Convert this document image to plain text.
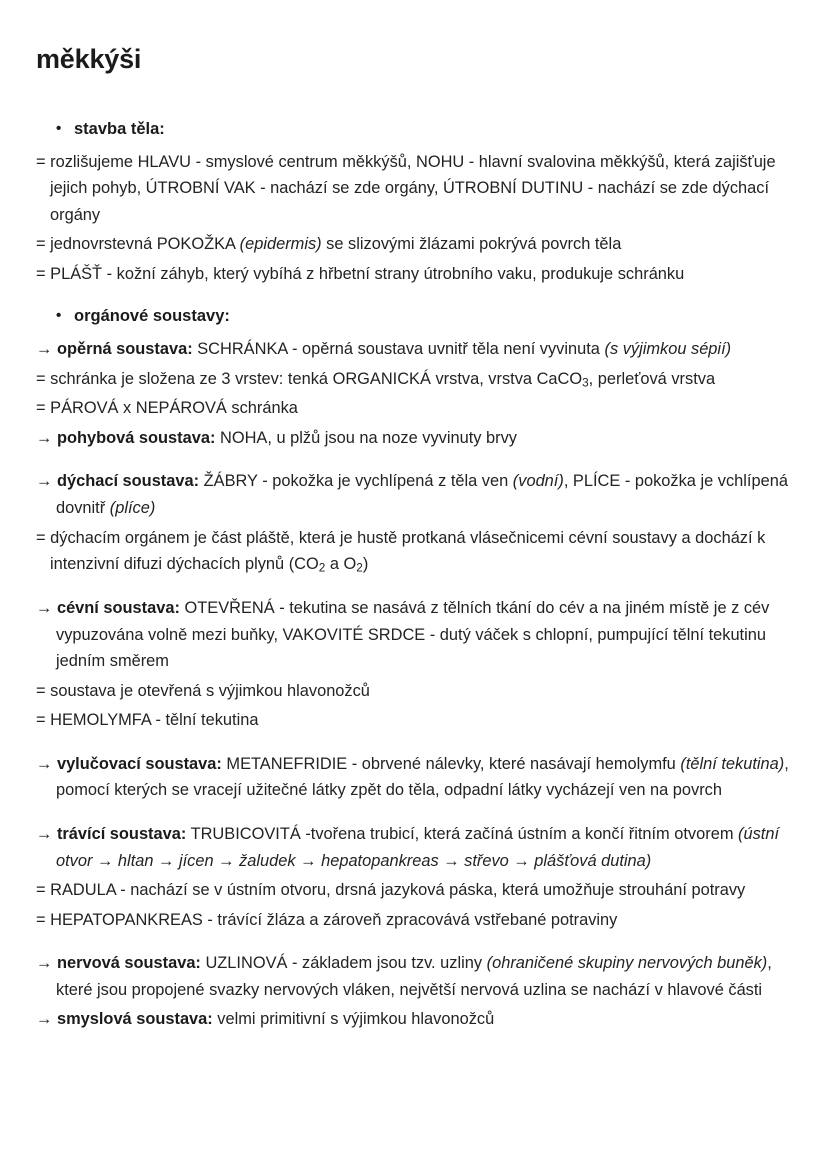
měkkýši
• stavba těla:
= rozlišujeme HLAVU - smyslové centrum měkkýšů, NOHU - hlavní svalovina měkkýšů, která zajišťuje jejich pohyb, ÚTROBNÍ VAK - nachází se zde orgány, ÚTROBNÍ DUTINU - nachází se zde dýchací orgány
= jednovrstevná POKOŽKA (epidermis) se slizovými žlázami pokrývá povrch těla
= PLÁŠŤ - kožní záhyb, který vybíhá z hřbetní strany útrobního vaku, produkuje schránku
• orgánové soustavy:
→ opěrná soustava: SCHRÁNKA - opěrná soustava uvnitř těla není vyvinuta (s výjimkou sépií)
= schránka je složena ze 3 vrstev: tenká ORGANICKÁ vrstva, vrstva CaCO$_3$, perleťová vrstva
= PÁROVÁ x NEPÁROVÁ schránka
→ pohybová soustava: NOHA, u plžů jsou na noze vyvinuty brvy
→ dýchací soustava: ŽÁBRY - pokožka je vychlípená z těla ven (vodní), PLÍCE - pokožka je vchlípená dovnitř (plíce)
= dýchacím orgánem je část pláště, která je hustě protkaná vlásečnicemi cévní soustavy a dochází k intenzivní difuzi dýchacích plynů ($CO_2$ a $O_2$)
→ cévní soustava: OTEVŘENÁ - tekutina se nasává z tělních tkání do cév a na jiném místě je z cév vypuzována volně mezi buňky, VAKOVITÉ SRDCE - dutý váček s chlopní, pumpující tělní tekutinu jedním směrem
= soustava je otevřená s výjimkou hlavonožců
= HEMOLYMFA - tělní tekutina
→ vylučovací soustava: METANEFRIDIE - obrvené nálevky, které nasávají hemolymfu (tělní tekutina), pomocí kterých se vracejí užitečné látky zpět do těla, odpadní látky vycházejí ven na povrch
→ trávící soustava: TRUBICOVITÁ -tvořena trubicí, která začíná ústním a končí řitním otvorem (ústní otvor → hltan → jícen → žaludek → hepatopankreas → střevo → plášťová dutina)
= RADULA - nachází se v ústním otvoru, drsná jazyková páska, která umožňuje strouhání potravy
= HEPATOPANKREAS - trávící žláza a zároveň zpracovává vstřebané potraviny
→ nervová soustava: UZLINOVÁ - základem jsou tzv. uzliny (ohraničené skupiny nervových buněk), které jsou propojené svazky nervových vláken, největší nervová uzlina se nachází v hlavové části
→ smyslová soustava: velmi primitivní s výjimkou hlavonožců
